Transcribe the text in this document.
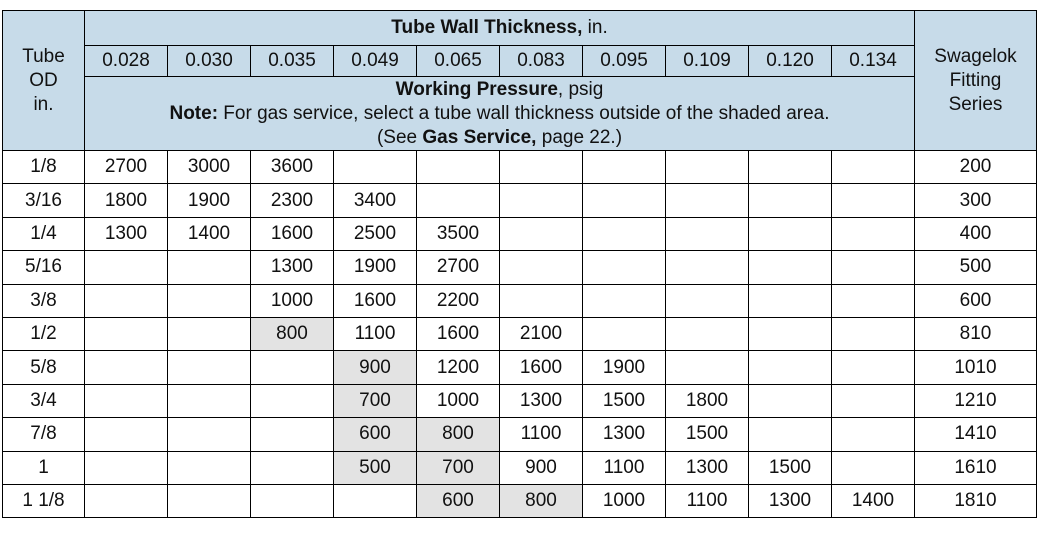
Tube
OD
in.	Tube Wall Thickness, in.										Swagelok
Fitting
Series
	0.028	0.030	0.035	0.049	0.065	0.083	0.095	0.109	0.120	0.134	
	Working Pressure, psig
Note: For gas service, select a tube wall thickness outside of the shaded area.
(See Gas Service, page 22.)										
1/8	2700	3000	3600								200
3/16	1800	1900	2300	3400							300
1/4	1300	1400	1600	2500	3500						400
5/16			1300	1900	2700						500
3/8			1000	1600	2200						600
1/2			800	1100	1600	2100					810
5/8				900	1200	1600	1900				1010
3/4				700	1000	1300	1500	1800			1210
7/8				600	800	1100	1300	1500			1410
1				500	700	900	1100	1300	1500		1610
1 1/8					600	800	1000	1100	1300	1400	1810
